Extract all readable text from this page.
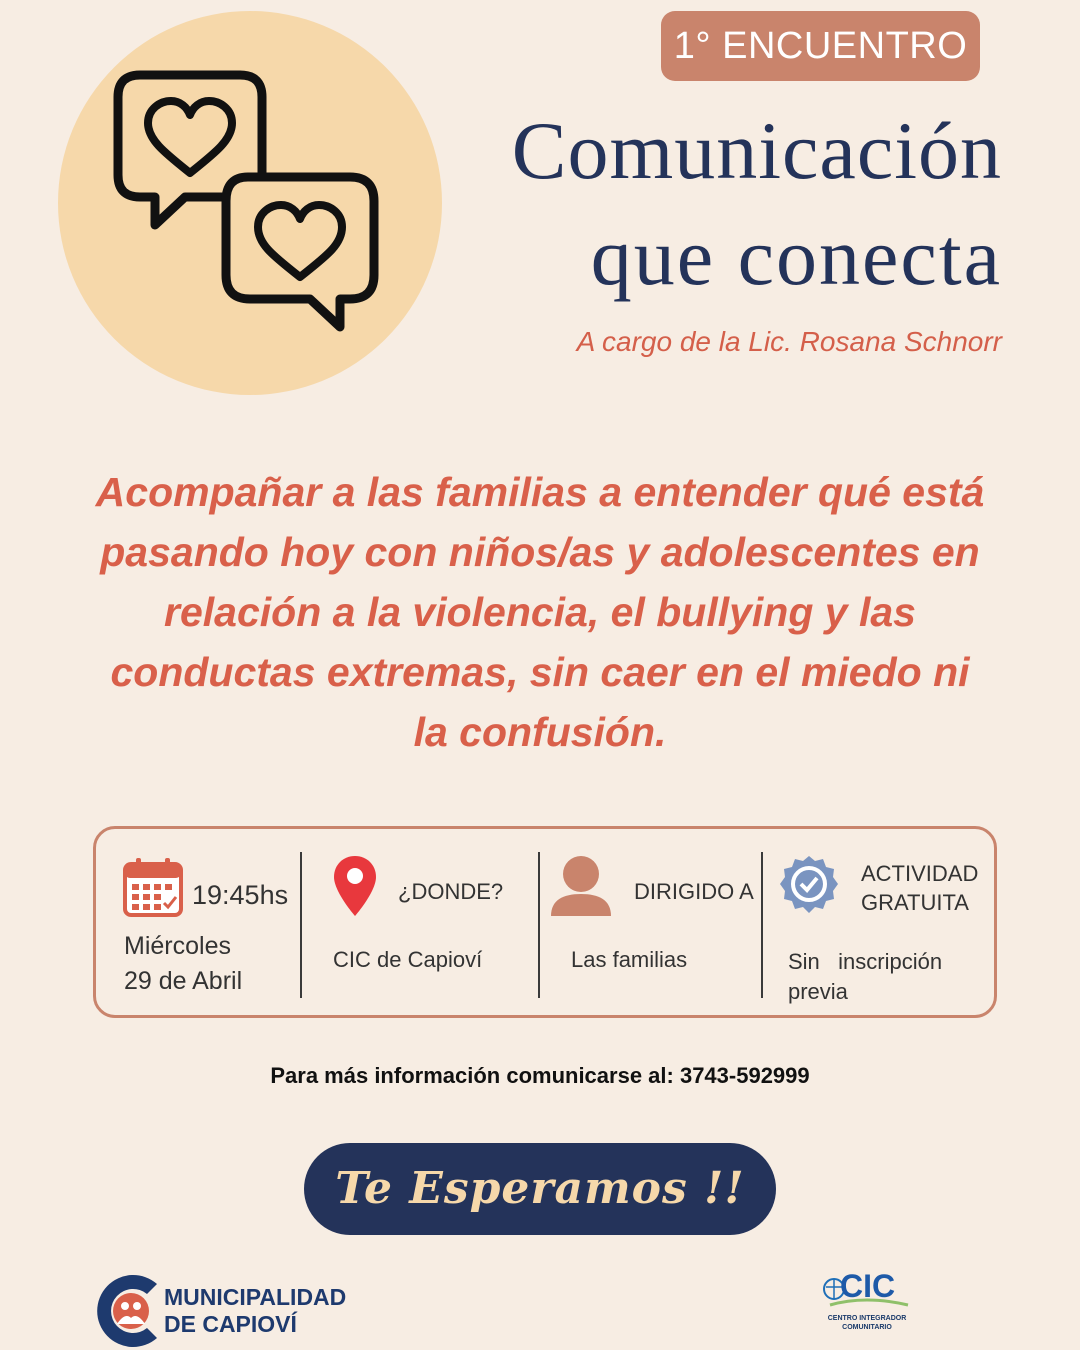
1° ENCUENTRO
Comunicación
que conecta
A cargo de la Lic. Rosana Schnorr
Acompañar a las familias a entender qué está pasando hoy con niños/as y adolescentes en relación a la violencia, el bullying y las conductas extremas, sin caer en el miedo ni la confusión.
19:45hs
Miércoles
29 de Abril
¿DONDE?
CIC de Capioví
DIRIGIDO A
Las familias
ACTIVIDAD
GRATUITA
Sin   inscripción
previa
Para más información comunicarse al: 3743-592999
Te Esperamos !!
MUNICIPALIDAD
DE CAPIOVÍ
CIC
CENTRO INTEGRADOR
COMUNITARIO
